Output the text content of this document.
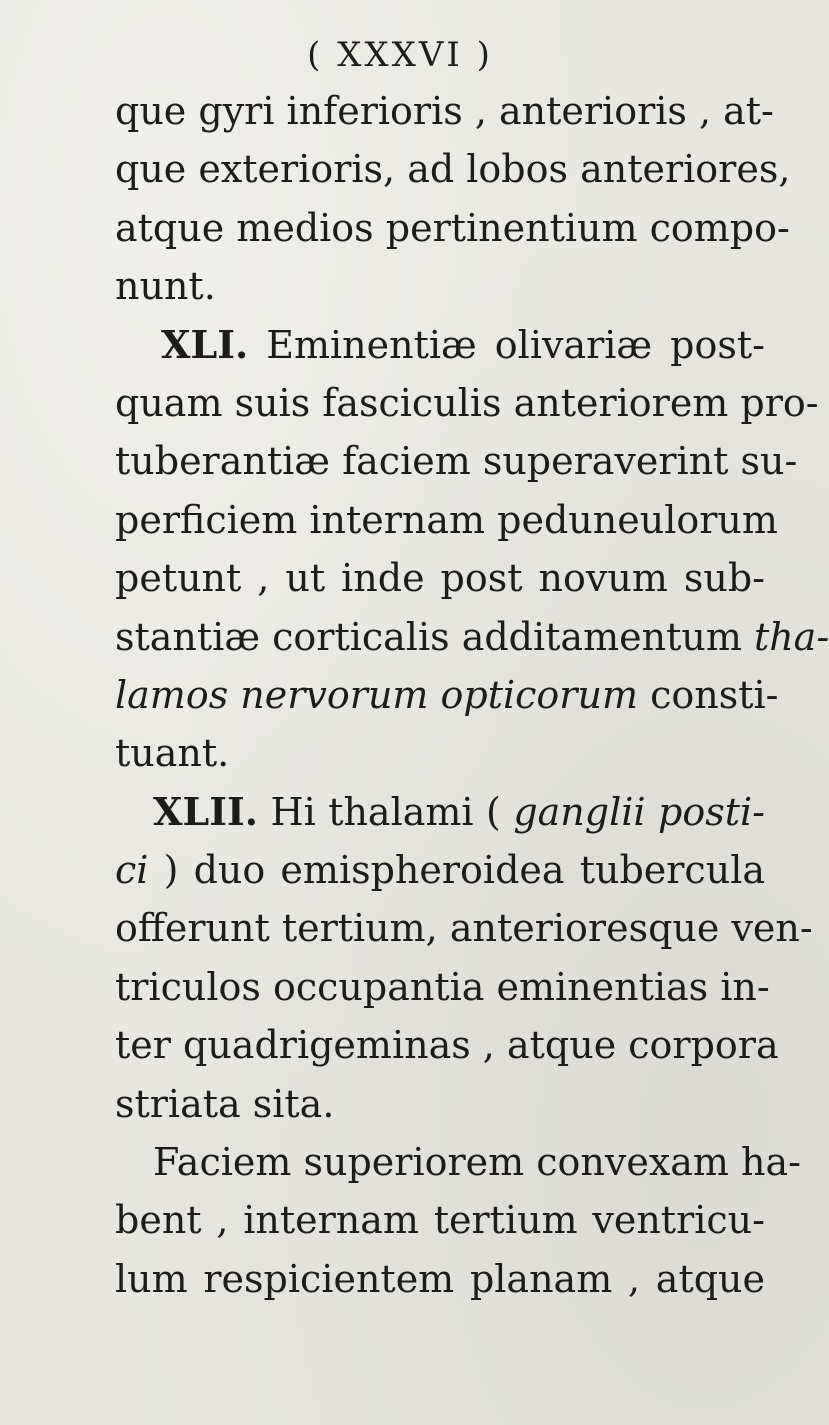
( XXXVI )
que gyri inferioris , anterioris , at-
que exterioris, ad lobos anteriores,
atque medios pertinentium compo-
nunt.
XLI. Eminentiæ olivariæ post-
quam suis fasciculis anteriorem pro-
tuberantiæ faciem superaverint su-
perficiem internam peduneulorum
petunt , ut inde post novum sub-
stantiæ corticalis additamentum tha-
lamos nervorum opticorum consti-
tuant.
XLII. Hi thalami ( ganglii posti-
ci ) duo emispheroidea tubercula
offerunt tertium, anterioresque ven-
triculos occupantia eminentias in-
ter quadrigeminas , atque corpora
striata sita.
Faciem superiorem convexam ha-
bent , internam tertium ventricu-
lum respicientem planam , atque
